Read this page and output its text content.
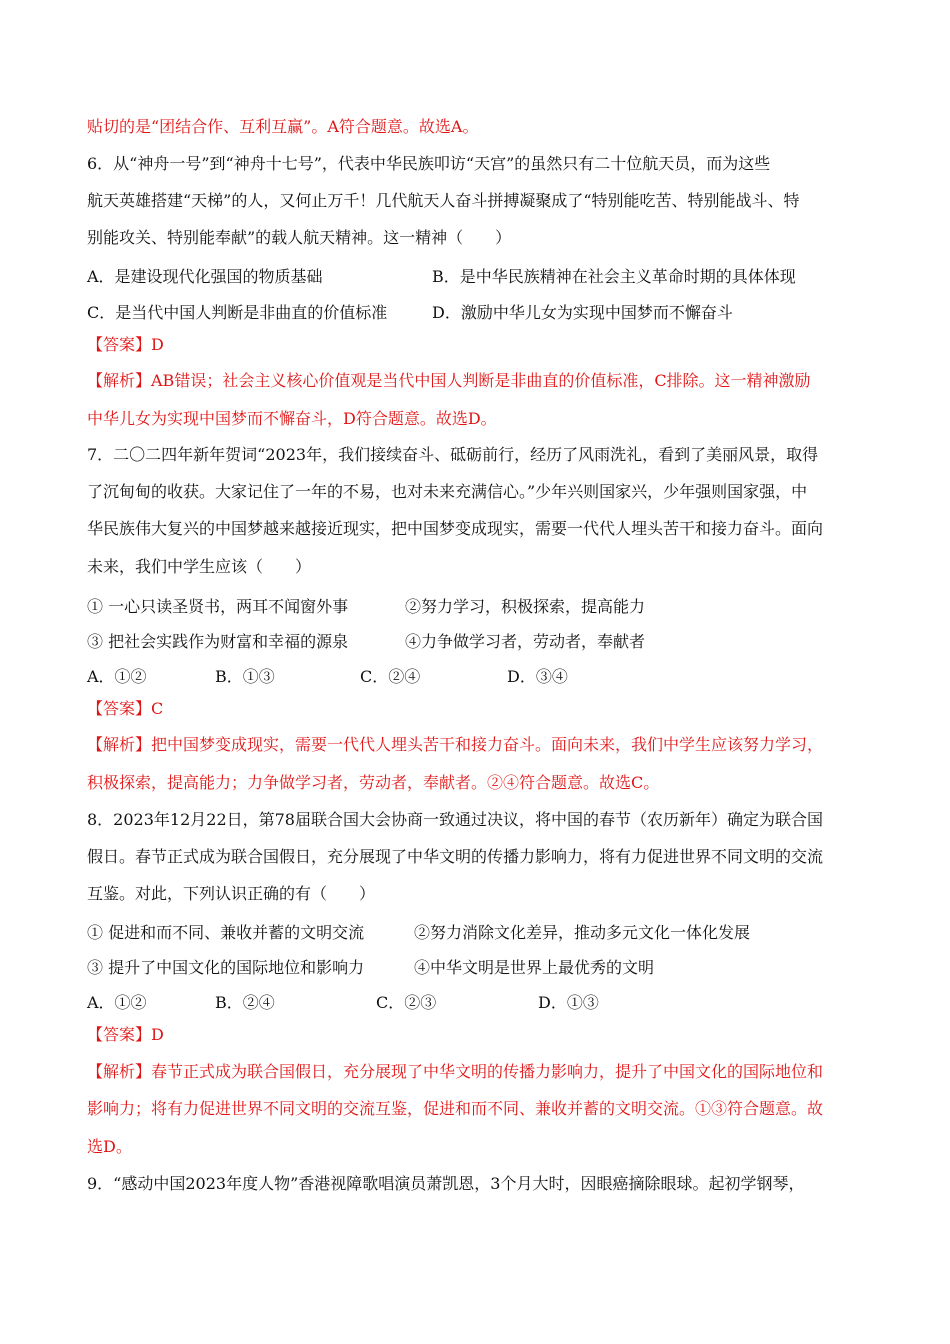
贴切的是“团结合作、互利互赢”。A符合题意。故选A。
6．从“神舟一号”到“神舟十七号”，代表中华民族叩访“天宫”的虽然只有二十位航天员，而为这些
航天英雄搭建“天梯”的人，又何止万千！几代航天人奋斗拼搏凝聚成了“特别能吃苦、特别能战斗、特
别能攻关、特别能奉献”的载人航天精神。这一精神（　　）
A．是建设现代化强国的物质基础	B．是中华民族精神在社会主义革命时期的具体体现
C．是当代中国人判断是非曲直的价值标准	D．激励中华儿女为实现中国梦而不懈奋斗
【答案】D
【解析】AB错误；社会主义核心价值观是当代中国人判断是非曲直的价值标准，C排除。这一精神激励
中华儿女为实现中国梦而不懈奋斗，D符合题意。故选D。
7．二〇二四年新年贺词“2023年，我们接续奋斗、砥砺前行，经历了风雨洗礼，看到了美丽风景，取得
了沉甸甸的收获。大家记住了一年的不易，也对未来充满信心。”少年兴则国家兴，少年强则国家强，中
华民族伟大复兴的中国梦越来越接近现实，把中国梦变成现实，需要一代代人埋头苦干和接力奋斗。面向
未来，我们中学生应该（　　）
① 一心只读圣贤书，两耳不闻窗外事	②努力学习，积极探索，提高能力
③ 把社会实践作为财富和幸福的源泉	④力争做学习者，劳动者，奉献者
A．①②	B．①③	C．②④	D．③④
【答案】C
【解析】把中国梦变成现实，需要一代代人埋头苦干和接力奋斗。面向未来，我们中学生应该努力学习，
积极探索，提高能力；力争做学习者，劳动者，奉献者。②④符合题意。故选C。
8．2023年12月22日，第78届联合国大会协商一致通过决议，将中国的春节（农历新年）确定为联合国
假日。春节正式成为联合国假日，充分展现了中华文明的传播力影响力，将有力促进世界不同文明的交流
互鉴。对此，下列认识正确的有（　　）
① 促进和而不同、兼收并蓄的文明交流	②努力消除文化差异，推动多元文化一体化发展
③ 提升了中国文化的国际地位和影响力	④中华文明是世界上最优秀的文明
A．①②	B．②④	C．②③	D．①③
【答案】D
【解析】春节正式成为联合国假日，充分展现了中华文明的传播力影响力，提升了中国文化的国际地位和
影响力；将有力促进世界不同文明的交流互鉴，促进和而不同、兼收并蓄的文明交流。①③符合题意。故
选D。
9．“感动中国2023年度人物”香港视障歌唱演员萧凯恩，3个月大时，因眼癌摘除眼球。起初学钢琴，
